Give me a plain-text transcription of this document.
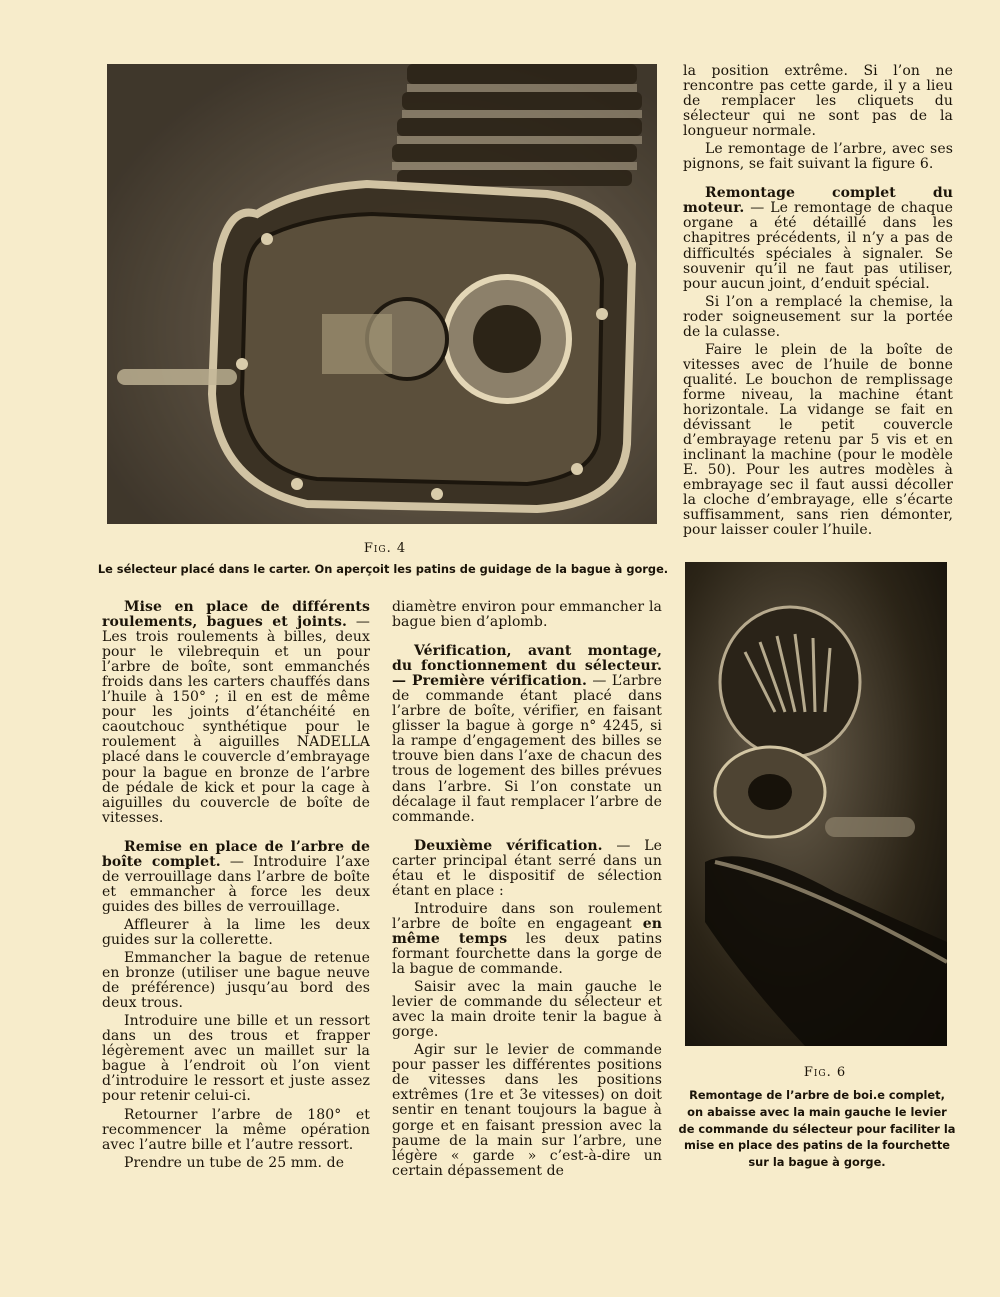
Fig. 4
Le sélecteur placé dans le carter. On aperçoit les patins de guidage de la bague à gorge.

la position extrême. Si l’on ne rencontre pas cette garde, il y a lieu de remplacer les cliquets du sélecteur qui ne sont pas de la longueur normale.

Le remontage de l’arbre, avec ses pignons, se fait suivant la figure 6.

Remontage complet du moteur. — Le remontage de chaque organe a été détaillé dans les chapitres précédents, il n’y a pas de difficultés spéciales à signaler. Se souvenir qu’il ne faut pas utiliser, pour aucun joint, d’enduit spécial.

Si l’on a remplacé la chemise, la roder soigneusement sur la portée de la culasse.

Faire le plein de la boîte de vitesses avec de l’huile de bonne qualité. Le bouchon de remplissage forme niveau, la machine étant horizontale. La vidange se fait en dévissant le petit couvercle d’embrayage retenu par 5 vis et en inclinant la machine (pour le modèle E. 50). Pour les autres modèles à embrayage sec il faut aussi décoller la cloche d’embrayage, elle s’écarte suffisamment, sans rien démonter, pour laisser couler l’huile.

Mise en place de différents roulements, bagues et joints. — Les trois roulements à billes, deux pour le vilebrequin et un pour l’arbre de boîte, sont emmanchés froids dans les carters chauffés dans l’huile à 150° ; il en est de même pour les joints d’étanchéité en caoutchouc synthétique pour le roulement à aiguilles NADELLA placé dans le couvercle d’embrayage pour la bague en bronze de l’arbre de pédale de kick et pour la cage à aiguilles du couvercle de boîte de vitesses.

Remise en place de l’arbre de boîte complet. — Introduire l’axe de verrouillage dans l’arbre de boîte et emmancher à force les deux guides des billes de verrouillage.

Affleurer à la lime les deux guides sur la collerette.

Emmancher la bague de retenue en bronze (utiliser une bague neuve de préférence) jusqu’au bord des deux trous.

Introduire une bille et un ressort dans un des trous et frapper légèrement avec un maillet sur la bague à l’endroit où l’on vient d’introduire le ressort et juste assez pour retenir celui-ci.

Retourner l’arbre de 180° et recommencer la même opération avec l’autre bille et l’autre ressort.

Prendre un tube de 25 mm. de

diamètre environ pour emmancher la bague bien d’aplomb.

Vérification, avant montage, du fonctionnement du sélecteur. — Première vérification. — L’arbre de commande étant placé dans l’arbre de boîte, vérifier, en faisant glisser la bague à gorge n° 4245, si la rampe d’engagement des billes se trouve bien dans l’axe de chacun des trous de logement des billes prévues dans l’arbre. Si l’on constate un décalage il faut remplacer l’arbre de commande.

Deuxième vérification. — Le carter principal étant serré dans un étau et le dispositif de sélection étant en place :

Introduire dans son roulement l’arbre de boîte en engageant en même temps les deux patins formant fourchette dans la gorge de la bague de commande.

Saisir avec la main gauche le levier de commande du sélecteur et avec la main droite tenir la bague à gorge.

Agir sur le levier de commande pour passer les différentes positions de vitesses dans les positions extrêmes (1re et 3e vitesses) on doit sentir en tenant toujours la bague à gorge et en faisant pression avec la paume de la main sur l’arbre, une légère « garde » c’est-à-dire un certain dépassement de

Fig. 6
Remontage de l’arbre de boi.e complet,
on abaisse avec la main gauche le levier
de commande du sélecteur pour faciliter la
mise en place des patins de la fourchette
sur la bague à gorge.
